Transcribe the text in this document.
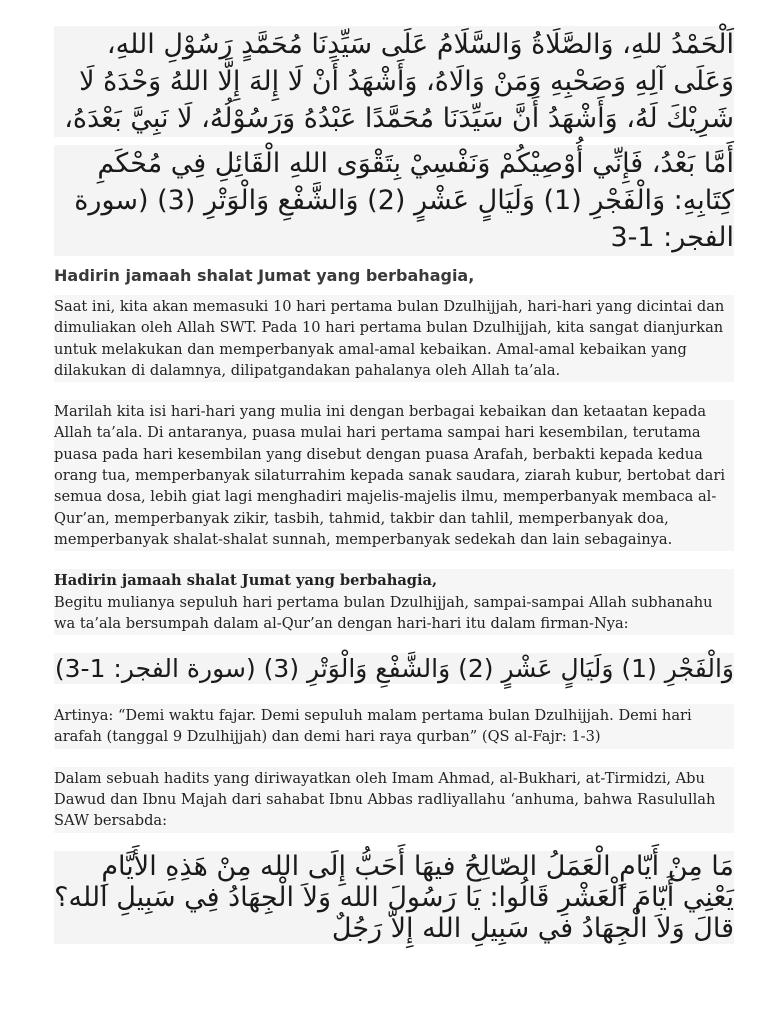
اَلْحَمْدُ للهِ، وَالصَّلَاةُ وَالسَّلَامُ عَلَى سَيِّدِنَا مُحَمَّدٍ رَسُوْلِ اللهِ، وَعَلَى آلِهِ وَصَحْبِهِ وَمَنْ وَالَاهُ، وَأَشْهَدُ أَنْ لَا إِلهَ إِلَّا اللهُ وَحْدَهُ لَا شَرِيْكَ لَهُ، وَأَشْهَدُ أَنَّ سَيِّدَنَا مُحَمَّدًا عَبْدُهُ وَرَسُوْلُهُ، لَا نَبِيَّ بَعْدَهُ،
أَمَّا بَعْدُ، فَإِنِّي أُوْصِيْكُمْ وَنَفْسِيْ بِتَقْوَى اللهِ الْقَائِلِ فِي مُحْكَمِ كِتَابِهِ: وَالْفَجْرِ (1) وَلَيَالٍ عَشْرٍ (2) وَالشَّفْعِ وَالْوَتْرِ (3) (سورة الفجر: 1-3
Hadirin jamaah shalat Jumat yang berbahagia,
Saat ini, kita akan memasuki 10 hari pertama bulan Dzulhijjah, hari-hari yang dicintai dan dimuliakan oleh Allah SWT. Pada 10 hari pertama bulan Dzulhijjah, kita sangat dianjurkan untuk melakukan dan memperbanyak amal-amal kebaikan. Amal-amal kebaikan yang dilakukan di dalamnya, dilipatgandakan pahalanya oleh Allah ta’ala.
Marilah kita isi hari-hari yang mulia ini dengan berbagai kebaikan dan ketaatan kepada Allah ta’ala. Di antaranya, puasa mulai hari pertama sampai hari kesembilan, terutama puasa pada hari kesembilan yang disebut dengan puasa Arafah, berbakti kepada kedua orang tua, memperbanyak silaturrahim kepada sanak saudara, ziarah kubur, bertobat dari semua dosa, lebih giat lagi menghadiri majelis-majelis ilmu, memperbanyak membaca al-Qur’an, memperbanyak zikir, tasbih, tahmid, takbir dan tahlil, memperbanyak doa, memperbanyak shalat-shalat sunnah, memperbanyak sedekah dan lain sebagainya.
Hadirin jamaah shalat Jumat yang berbahagia,
Begitu mulianya sepuluh hari pertama bulan Dzulhijjah, sampai-sampai Allah subhanahu wa ta’ala bersumpah dalam al-Qur’an dengan hari-hari itu dalam firman-Nya:
وَالْفَجْرِ (1) وَلَيَالٍ عَشْرٍ (2) وَالشَّفْعِ وَالْوَتْرِ (3) (سورة الفجر: 1-3)
Artinya: “Demi waktu fajar. Demi sepuluh malam pertama bulan Dzulhijjah. Demi hari arafah (tanggal 9 Dzulhijjah) dan demi hari raya qurban” (QS al-Fajr: 1-3)
Dalam sebuah hadits yang diriwayatkan oleh Imam Ahmad, al-Bukhari, at-Tirmidzi, Abu Dawud dan Ibnu Majah dari sahabat Ibnu Abbas radliyallahu ‘anhuma, bahwa Rasulullah SAW bersabda:
مَا مِنْ أَيّامٍ الْعَمَلُ الصّالِحُ فيهَا أَحَبُّ إِلَى الله مِنْ هَذِهِ الأَيَّامِ يَعْنِي أَيّامَ الْعَشْرِ قَالُوا: يَا رَسُولَ الله وَلاَ الْجِهَادُ فِي سَبِيلِ الله؟ قالَ وَلاَ الْجِهَادُ في سَبِيلِ الله إِلاّ رَجُلٌ
